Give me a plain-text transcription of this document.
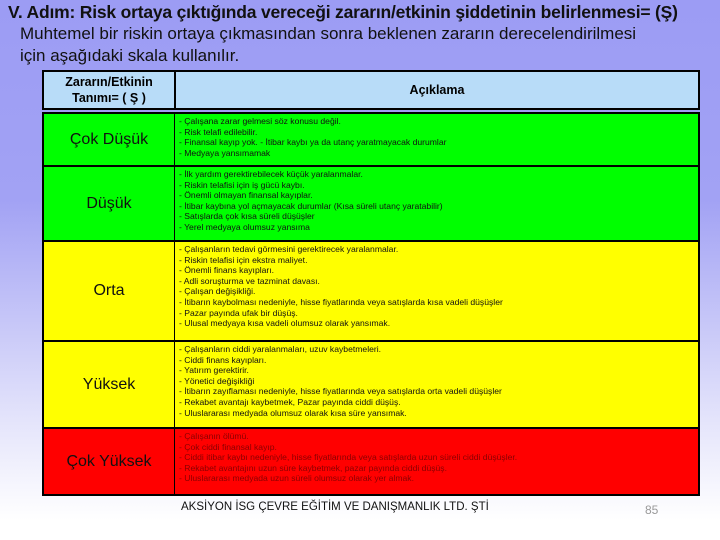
V. Adım: Risk ortaya çıktığında vereceği zararın/etkinin şiddetinin belirlenmesi= (Ş)
Muhtemel bir riskin ortaya çıkmasından sonra beklenen zararın derecelendirilmesi
için aşağıdaki skala kullanılır.
Zararın/Etkinin Tanımı= ( Ş )
Açıklama
Çok Düşük
- Çalışana zarar gelmesi söz konusu değil.
- Risk telafi edilebilir.
- Finansal kayıp yok. - İtibar kaybı ya da utanç yaratmayacak durumlar
- Medyaya yansımamak
Düşük
- İlk yardım gerektirebilecek küçük yaralanmalar.
- Riskin telafisi için iş gücü kaybı.
- Önemli olmayan finansal kayıplar.
- İtibar kaybına yol açmayacak durumlar (Kısa süreli utanç yaratabilir)
- Satışlarda çok kısa süreli düşüşler
- Yerel medyaya olumsuz yansıma
Orta
- Çalışanların tedavi görmesini gerektirecek yaralanmalar.
- Riskin telafisi için ekstra maliyet.
- Önemli finans kayıpları.
- Adli soruşturma ve tazminat davası.
- Çalışan değişikliği.
- İtibarın kaybolması nedeniyle, hisse fiyatlarında veya satışlarda kısa vadeli düşüşler
- Pazar payında ufak bir düşüş.
- Ulusal medyaya kısa vadeli olumsuz olarak yansımak.
Yüksek
- Çalışanların ciddi yaralanmaları, uzuv kaybetmeleri.
- Ciddi finans kayıpları.
- Yatırım gerektirir.
- Yönetici değişikliği
- İtibarın zayıflaması nedeniyle, hisse fiyatlarında veya satışlarda orta vadeli düşüşler
- Rekabet avantajı kaybetmek, Pazar payında ciddi düşüş.
- Uluslararası medyada olumsuz olarak kısa süre yansımak.
Çok Yüksek
- Çalışanın ölümü.
- Çok ciddi finansal kayıp.
- Ciddi itibar kaybı nedeniyle, hisse fiyatlarında veya satışlarda uzun süreli ciddi düşüşler.
- Rekabet avantajını uzun süre kaybetmek, pazar payında ciddi düşüş.
- Uluslararası medyada uzun süreli olumsuz olarak yer almak.
AKSİYON İSG ÇEVRE EĞİTİM VE DANIŞMANLIK LTD. ŞTİ	85
